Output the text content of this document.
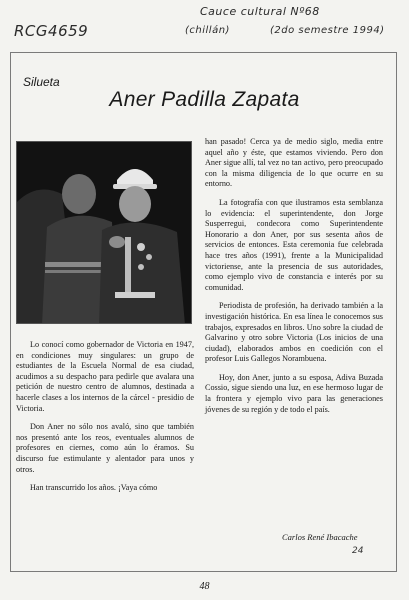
RCG4659
Cauce cultural Nº68
(chillán)	(2do semestre 1994)
Silueta
Aner Padilla Zapata

Lo conocí como gobernador de Victoria en 1947, en condiciones muy singulares: un grupo de estudiantes de la Escuela Normal de esa ciudad, acudimos a su despacho para pedirle que avalara una petición de nuestro centro de alumnos, destinada a hacerle clases a los internos de la cárcel - presidio de Victoria.

Don Aner no sólo nos avaló, sino que también nos presentó ante los reos, eventuales alumnos de profesores en ciernes, como aún lo éramos. Su discurso fue estimulante y alentador para unos y otros.

Han transcurrido los años. ¡Vaya cómo

han pasado! Cerca ya de medio siglo, media entre aquel año y éste, que estamos viviendo. Pero don Aner sigue allí, tal vez no tan activo, pero preocupado con la misma diligencia de lo que ocurre en su entorno.

La fotografía con que ilustramos esta semblanza lo evidencia: el superintendente, don Jorge Susperregui, condecora como Superintendente Honorario a don Aner, por sus sesenta años de servicios de entonces. Esta ceremonia fue celebrada hace tres años (1991), frente a la Municipalidad victoriense, ante la presencia de sus autoridades, como ejemplo vivo de constancia e interés por su comunidad.

Periodista de profesión, ha derivado también a la investigación histórica. En esa línea le conocemos sus trabajos, expresados en libros. Uno sobre la ciudad de Galvarino y otro sobre Victoria (Los inicios de una ciudad), elaborados ambos en coedición con el profesor Luis Gallegos Norambuena.

Hoy, don Aner, junto a su esposa, Adiva Buzada Cossio, sigue siendo una luz, en ese hermoso lugar de la frontera y ejemplo vivo para las generaciones jóvenes de su región y de todo el país.

Carlos René Ibacache
24
48
